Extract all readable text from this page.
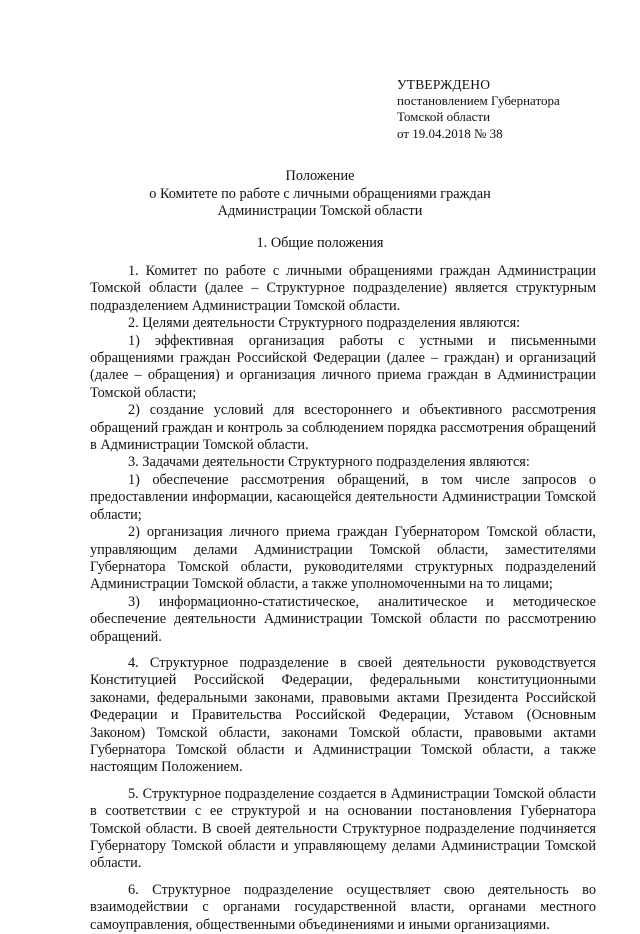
УТВЕРЖДЕНО
постановлением Губернатора
Томской области
от 19.04.2018 № 38
Положение
о Комитете по работе с личными обращениями граждан
Администрации Томской области
1. Общие положения

1. Комитет по работе с личными обращениями граждан Администрации Томской области (далее – Структурное подразделение) является структурным подразделением Администрации Томской области.

2. Целями деятельности Структурного подразделения являются:

1) эффективная организация работы с устными и письменными обращениями граждан Российской Федерации (далее – граждан) и организаций (далее – обращения) и организация личного приема граждан в Администрации Томской области;

2) создание условий для всестороннего и объективного рассмотрения обращений граждан и контроль за соблюдением порядка рассмотрения обращений в Администрации Томской области.

3. Задачами деятельности Структурного подразделения являются:

1) обеспечение рассмотрения обращений, в том числе запросов о предоставлении информации, касающейся деятельности Администрации Томской области;

2) организация личного приема граждан Губернатором Томской области, управляющим делами Администрации Томской области, заместителями Губернатора Томской области, руководителями структурных подразделений Администрации Томской области, а также уполномоченными на то лицами;

3) информационно-статистическое, аналитическое и методическое обеспечение деятельности Администрации Томской области по рассмотрению обращений.

4. Структурное подразделение в своей деятельности руководствуется Конституцией Российской Федерации, федеральными конституционными законами, федеральными законами, правовыми актами Президента Российской Федерации и Правительства Российской Федерации, Уставом (Основным Законом) Томской области, законами Томской области, правовыми актами Губернатора Томской области и Администрации Томской области, а также настоящим Положением.

5. Структурное подразделение создается в Администрации Томской области в соответствии с ее структурой и на основании постановления Губернатора Томской области. В своей деятельности Структурное подразделение подчиняется Губернатору Томской области и управляющему делами Администрации Томской области.

6. Структурное подразделение осуществляет свою деятельность во взаимодействии с органами государственной власти, органами местного самоуправления, общественными объединениями и иными организациями.
